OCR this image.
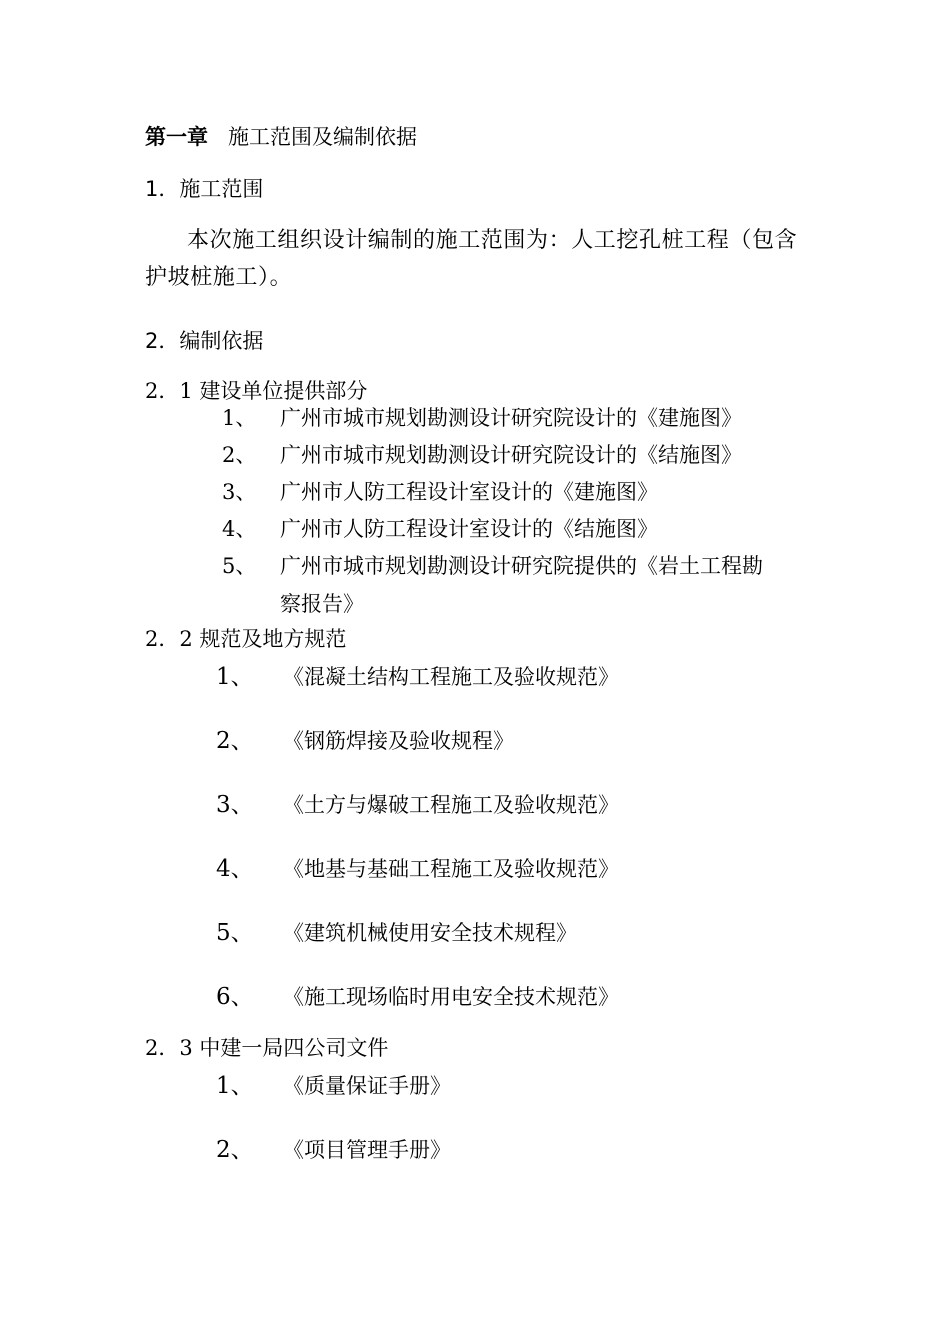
第一章 施工范围及编制依据
1．施工范围
本次施工组织设计编制的施工范围为：人工挖孔桩工程（包含
护坡桩施工）。
2．编制依据
2．1 建设单位提供部分
1、 广州市城市规划勘测设计研究院设计的《建施图》
2、 广州市城市规划勘测设计研究院设计的《结施图》
3、 广州市人防工程设计室设计的《建施图》
4、 广州市人防工程设计室设计的《结施图》
5、 广州市城市规划勘测设计研究院提供的《岩土工程勘
察报告》
2．2 规范及地方规范
1、 《混凝土结构工程施工及验收规范》
2、 《钢筋焊接及验收规程》
3、 《土方与爆破工程施工及验收规范》
4、 《地基与基础工程施工及验收规范》
5、 《建筑机械使用安全技术规程》
6、 《施工现场临时用电安全技术规范》
2．3 中建一局四公司文件
1、 《质量保证手册》
2、 《项目管理手册》
